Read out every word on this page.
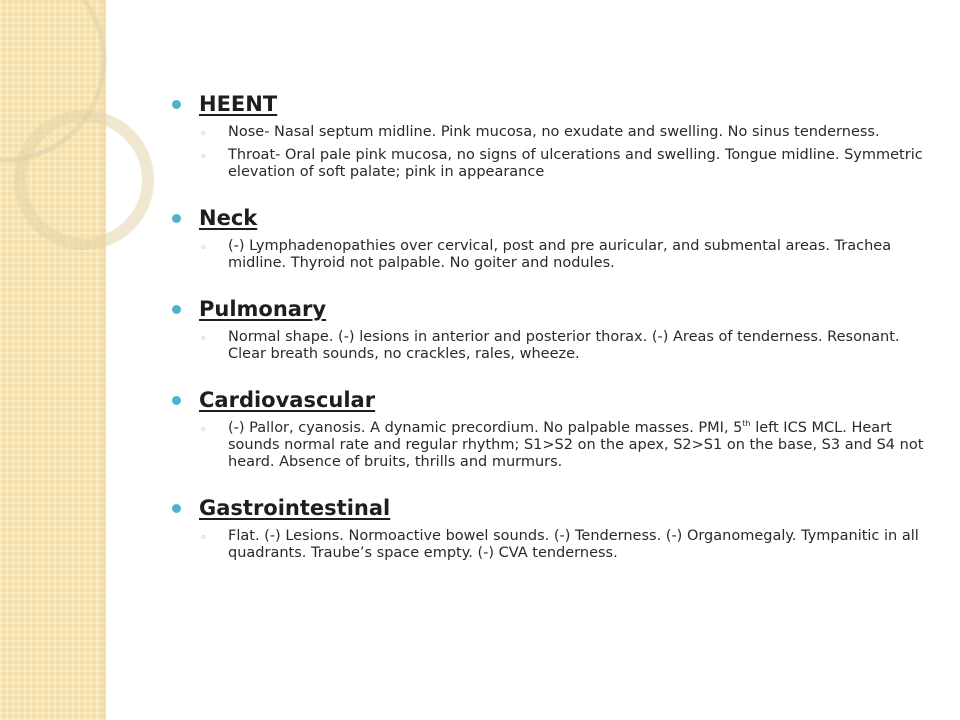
HEENT
◦ Nose- Nasal septum midline. Pink mucosa, no exudate and swelling. No sinus tenderness.
◦ Throat- Oral pale pink mucosa, no signs of ulcerations and swelling. Tongue midline. Symmetric elevation of soft palate; pink in appearance
Neck
◦ (-) Lymphadenopathies over cervical, post and pre auricular, and submental areas. Trachea midline. Thyroid not palpable. No goiter and nodules.
Pulmonary
◦ Normal shape. (-) lesions in anterior and posterior thorax. (-) Areas of tenderness. Resonant. Clear breath sounds, no crackles, rales, wheeze.
Cardiovascular
◦ (-) Pallor, cyanosis. A dynamic precordium. No palpable masses. PMI, 5th left ICS MCL. Heart sounds normal rate and regular rhythm; S1>S2 on the apex, S2>S1 on the base, S3 and S4 not heard. Absence of bruits, thrills and murmurs.
Gastrointestinal
◦ Flat. (-) Lesions. Normoactive bowel sounds. (-) Tenderness. (-) Organomegaly. Tympanitic in all quadrants. Traube’s space empty. (-) CVA tenderness.
